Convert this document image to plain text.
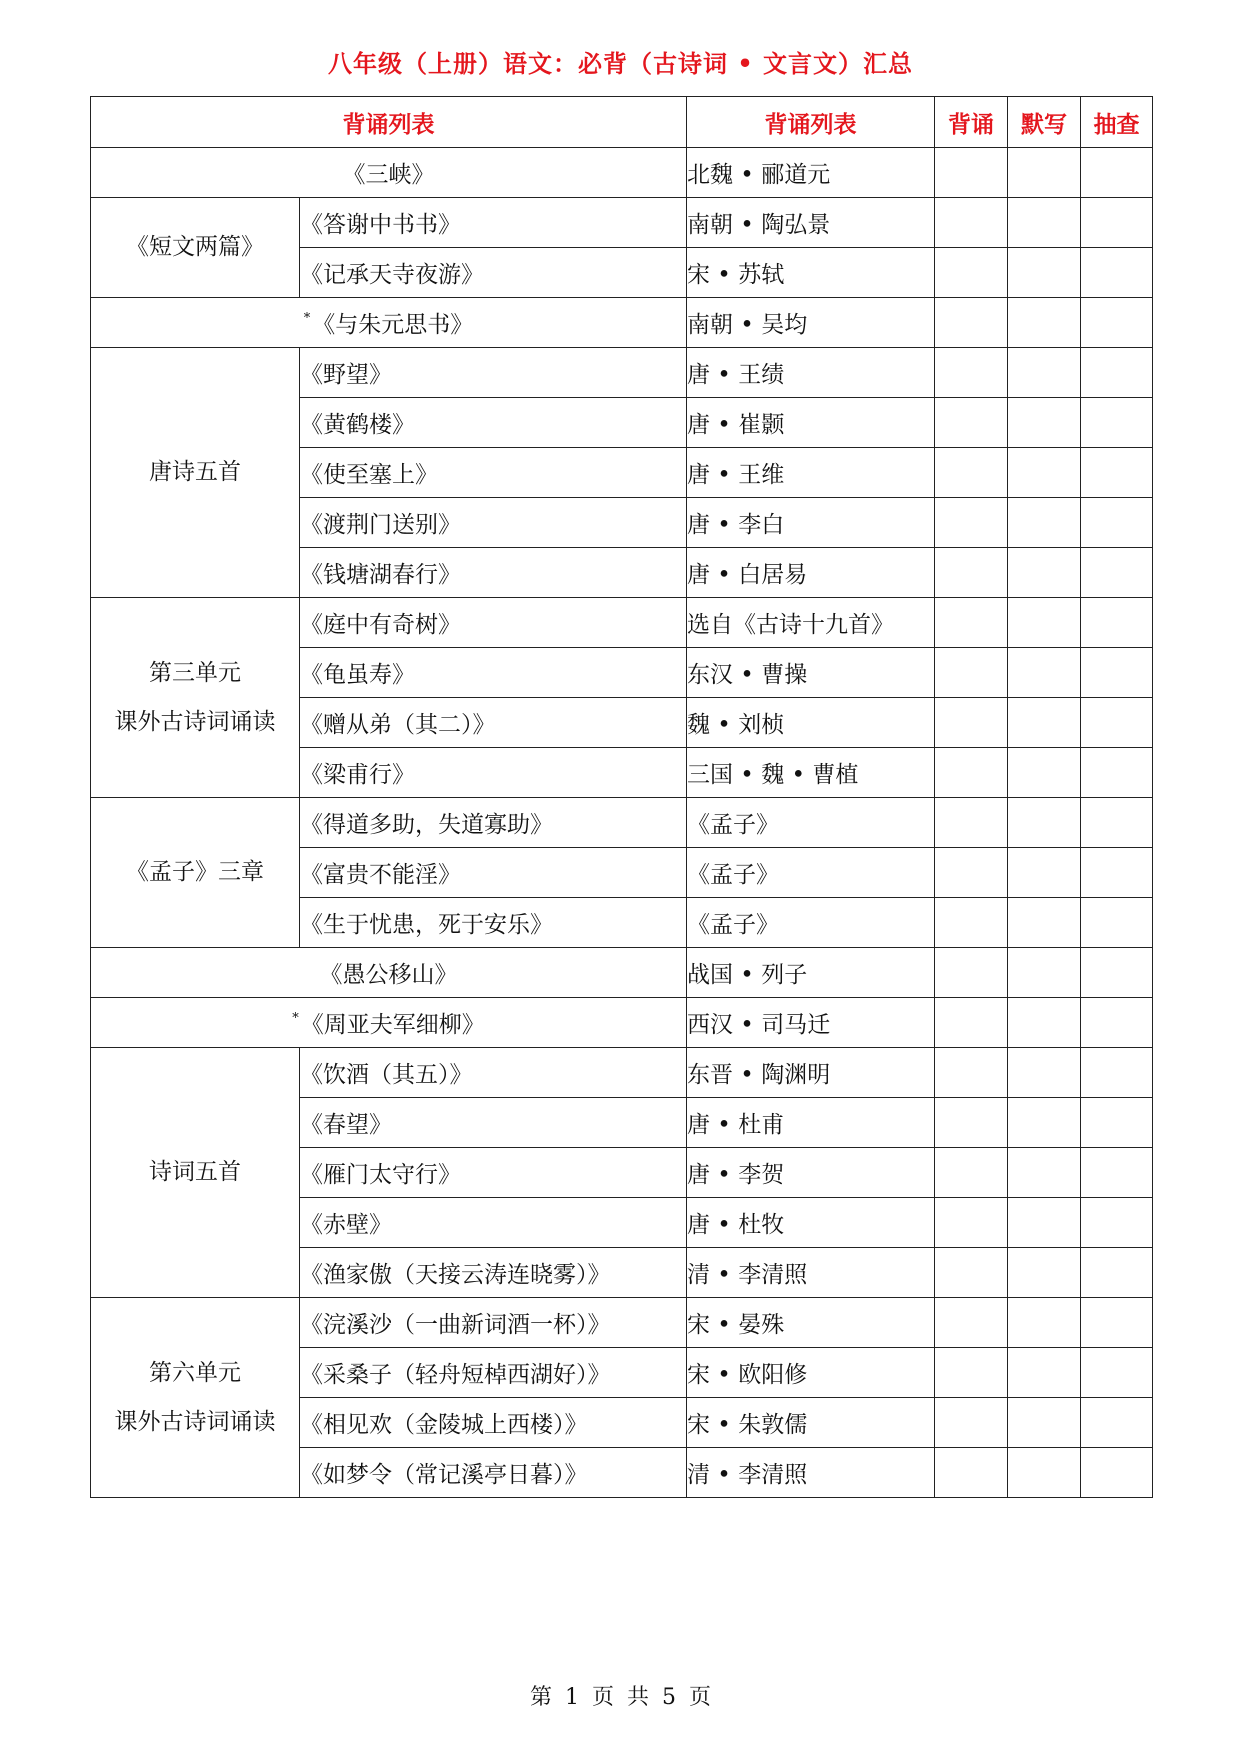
八年级（上册）语文：必背（古诗词 • 文言文）汇总
背诵列表		背诵列表	背诵	默写	抽查
《三峡》		北魏 • 郦道元			
《短文两篇》	《答谢中书书》	南朝 • 陶弘景			
	《记承天寺夜游》	宋 • 苏轼			
*《与朱元思书》		南朝 • 吴均			
唐诗五首	《野望》	唐 • 王绩			
	《黄鹤楼》	唐 • 崔颢			
	《使至塞上》	唐 • 王维			
	《渡荆门送别》	唐 • 李白			
	《钱塘湖春行》	唐 • 白居易			

第三单元
课外古诗词诵读	《庭中有奇树》	选自《古诗十九首》			
	《龟虽寿》	东汉 • 曹操			
	《赠从弟（其二）》	魏 • 刘桢			
	《梁甫行》	三国 • 魏 • 曹植			
《孟子》三章	《得道多助，失道寡助》	《孟子》			
	《富贵不能淫》	《孟子》			
	《生于忧患，死于安乐》	《孟子》			
《愚公移山》		战国 • 列子			
*《周亚夫军细柳》		西汉 • 司马迁			
诗词五首	《饮酒（其五）》	东晋 • 陶渊明			
	《春望》	唐 • 杜甫			
	《雁门太守行》	唐 • 李贺			
	《赤壁》	唐 • 杜牧			
	《渔家傲（天接云涛连晓雾）》	清 • 李清照			

第六单元
课外古诗词诵读	《浣溪沙（一曲新词酒一杯）》	宋 • 晏殊			
	《采桑子（轻舟短棹西湖好）》	宋 • 欧阳修			
	《相见欢（金陵城上西楼）》	宋 • 朱敦儒			
	《如梦令（常记溪亭日暮）》	清 • 李清照			
第 1 页 共 5 页
